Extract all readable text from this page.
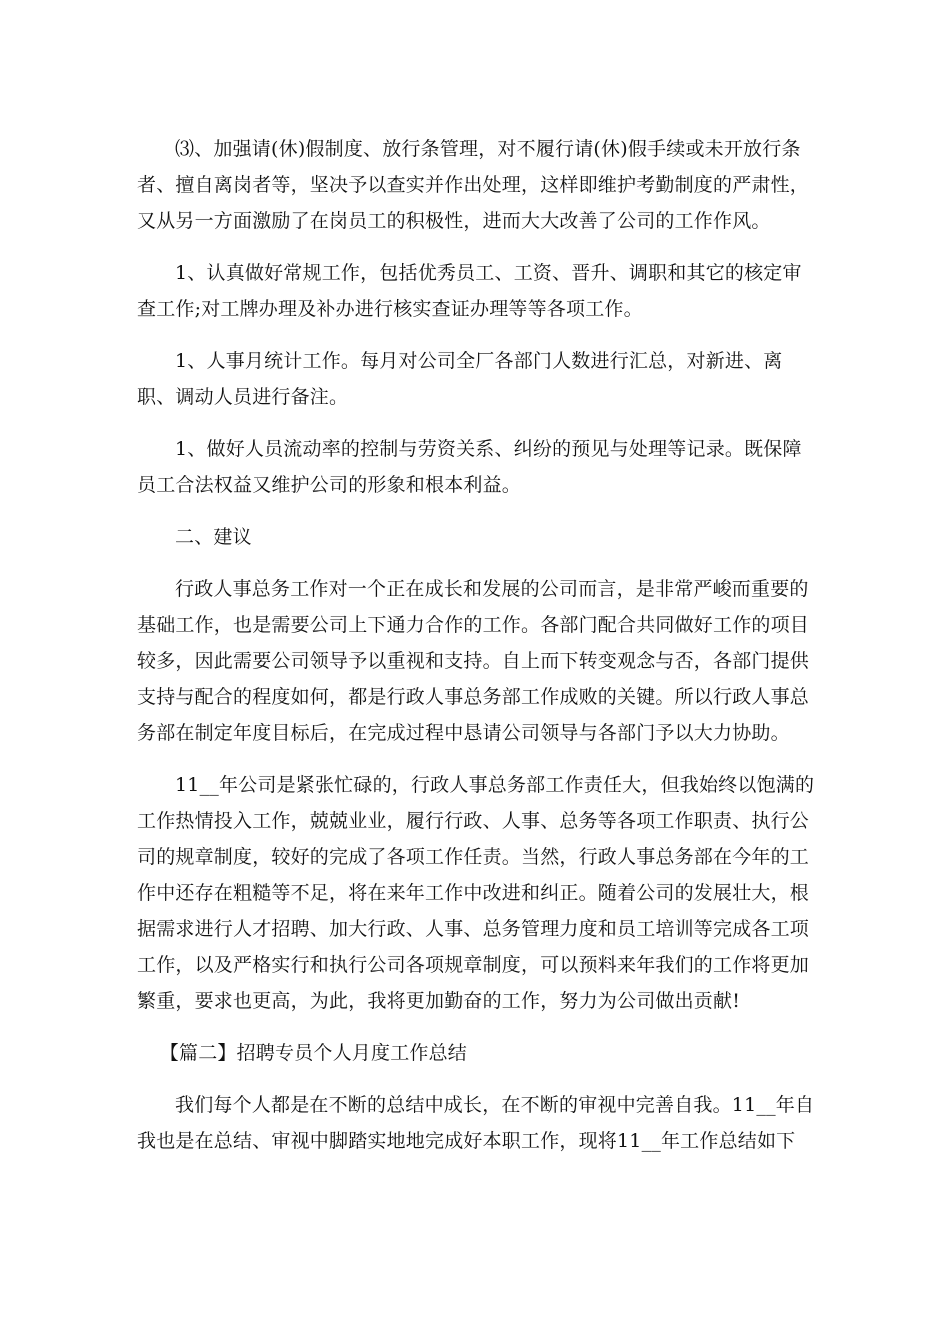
⑶、加强请(休)假制度、放行条管理，对不履行请(休)假手续或未开放行条者、擅自离岗者等，坚决予以查实并作出处理，这样即维护考勤制度的严肃性，又从另一方面激励了在岗员工的积极性，进而大大改善了公司的工作作风。

1、认真做好常规工作，包括优秀员工、工资、晋升、调职和其它的核定审查工作;对工牌办理及补办进行核实查证办理等等各项工作。

1、人事月统计工作。每月对公司全厂各部门人数进行汇总，对新进、离职、调动人员进行备注。

1、做好人员流动率的控制与劳资关系、纠纷的预见与处理等记录。既保障员工合法权益又维护公司的形象和根本利益。

二、建议

行政人事总务工作对一个正在成长和发展的公司而言，是非常严峻而重要的基础工作，也是需要公司上下通力合作的工作。各部门配合共同做好工作的项目较多，因此需要公司领导予以重视和支持。自上而下转变观念与否，各部门提供支持与配合的程度如何，都是行政人事总务部工作成败的关键。所以行政人事总务部在制定年度目标后，在完成过程中恳请公司领导与各部门予以大力协助。

11__年公司是紧张忙碌的，行政人事总务部工作责任大，但我始终以饱满的工作热情投入工作，兢兢业业，履行行政、人事、总务等各项工作职责、执行公司的规章制度，较好的完成了各项工作任责。当然，行政人事总务部在今年的工作中还存在粗糙等不足，将在来年工作中改进和纠正。随着公司的发展壮大，根据需求进行人才招聘、加大行政、人事、总务管理力度和员工培训等完成各工项工作，以及严格实行和执行公司各项规章制度，可以预料来年我们的工作将更加繁重，要求也更高，为此，我将更加勤奋的工作，努力为公司做出贡献!

【篇二】招聘专员个人月度工作总结

我们每个人都是在不断的总结中成长，在不断的审视中完善自我。11__年自我也是在总结、审视中脚踏实地地完成好本职工作，现将11__年工作总结如下
